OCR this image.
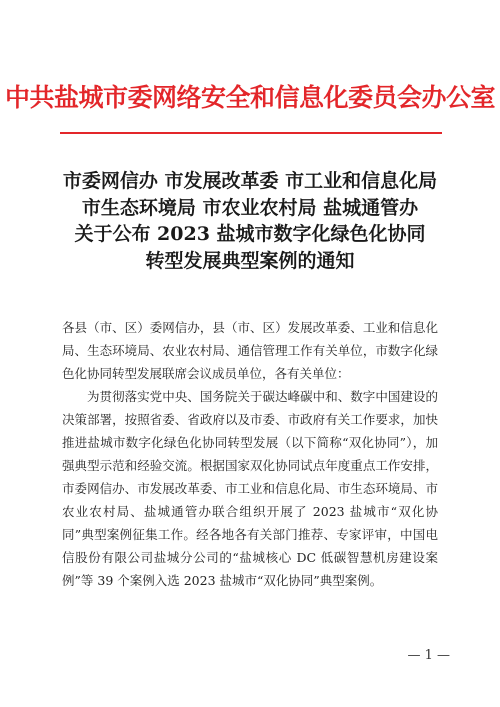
中共盐城市委网络安全和信息化委员会办公室
市委网信办 市发展改革委 市工业和信息化局
市生态环境局 市农业农村局 盐城通管办
关于公布 2023 盐城市数字化绿色化协同
转型发展典型案例的通知

各县（市、区）委网信办，县（市、区）发展改革委、工业和信息化局、生态环境局、农业农村局、通信管理工作有关单位，市数字化绿色化协同转型发展联席会议成员单位，各有关单位：

为贯彻落实党中央、国务院关于碳达峰碳中和、数字中国建设的决策部署，按照省委、省政府以及市委、市政府有关工作要求，加快推进盐城市数字化绿色化协同转型发展（以下简称“双化协同”），加强典型示范和经验交流。根据国家双化协同试点年度重点工作安排，市委网信办、市发展改革委、市工业和信息化局、市生态环境局、市农业农村局、盐城通管办联合组织开展了 2023 盐城市“双化协同”典型案例征集工作。经各地各有关部门推荐、专家评审，中国电信股份有限公司盐城分公司的“盐城核心 DC 低碳智慧机房建设案例”等 39 个案例入选 2023 盐城市“双化协同”典型案例。

— 1 —
